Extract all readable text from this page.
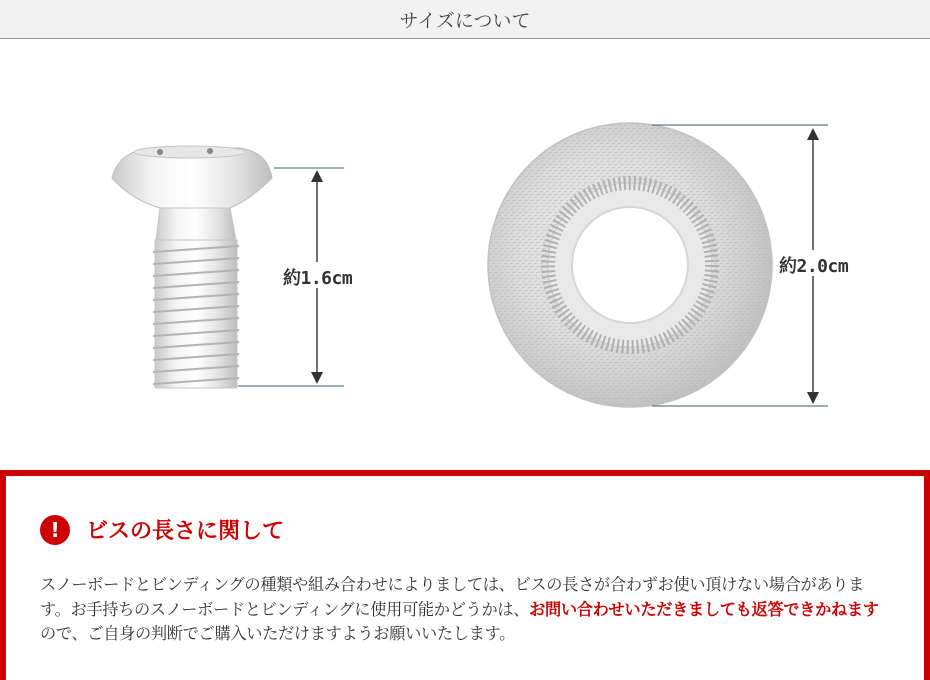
サイズについて
約1.6cm
約2.0cm
!	ビスの長さに関して
スノーボードとビンディングの種類や組み合わせによりましては、ビスの長さが合わずお使い頂けない場合があります。お手持ちのスノーボードとビンディングに使用可能かどうかは、お問い合わせいただきましても返答できかねますので、ご自身の判断でご購入いただけますようお願いいたします。
